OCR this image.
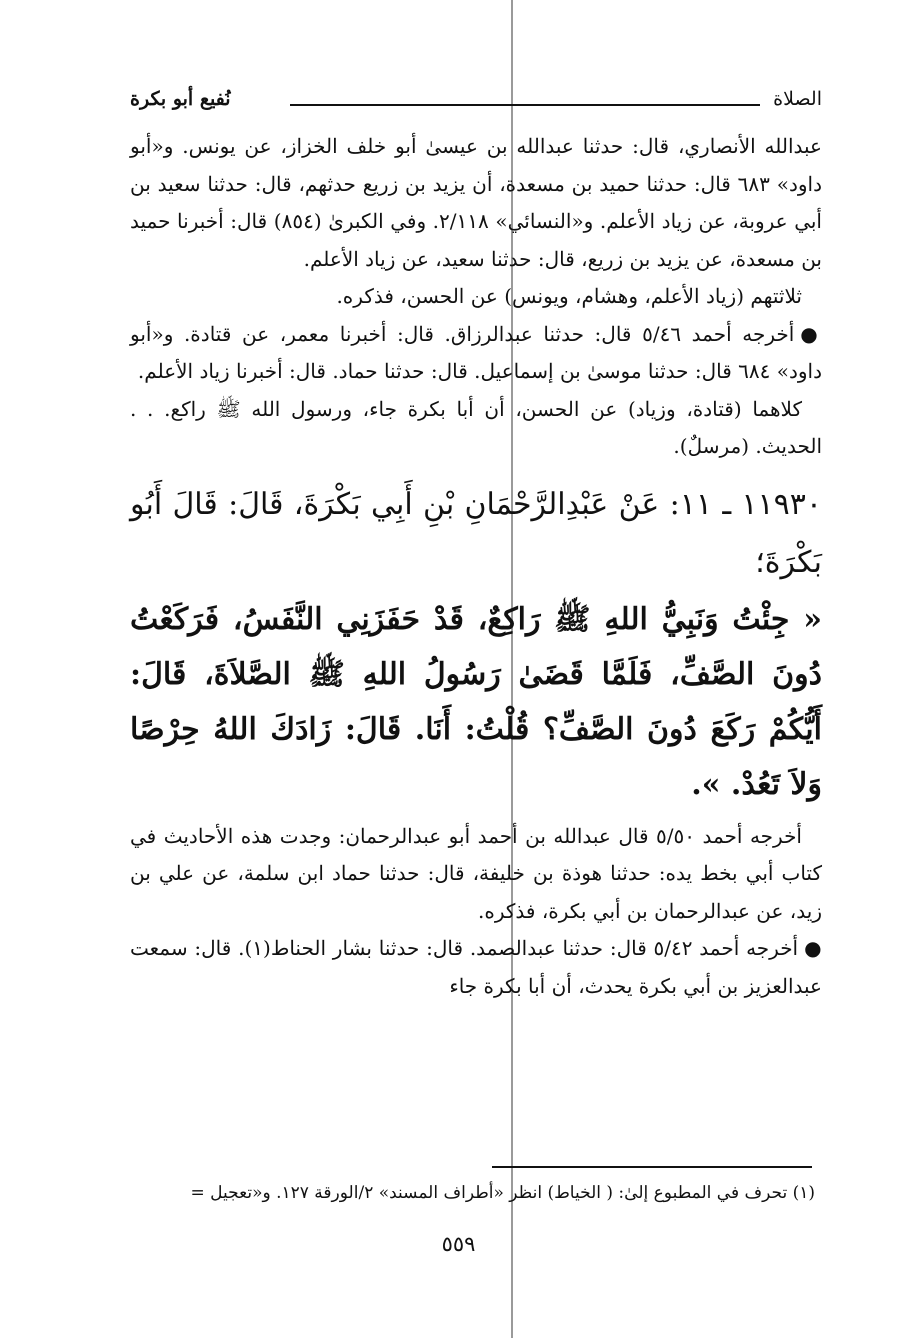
الصلاة
نُفيع أبو بكرة

عبدالله الأنصاري، قال: حدثنا عبدالله بن عيسىٰ أبو خلف الخزاز، عن يونس. و«أبو داود» ٦٨٣ قال: حدثنا حميد بن مسعدة، أن يزيد بن زريع حدثهم، قال: حدثنا سعيد بن أبي عروبة، عن زياد الأعلم. و«النسائي» ٢/١١٨. وفي الكبرىٰ (٨٥٤) قال: أخبرنا حميد بن مسعدة، عن يزيد بن زريع، قال: حدثنا سعيد، عن زياد الأعلم.

ثلاثتهم (زياد الأعلم، وهشام، ويونس) عن الحسن، فذكره.

● أخرجه أحمد ٥/٤٦ قال: حدثنا عبدالرزاق. قال: أخبرنا معمر، عن قتادة. و«أبو داود» ٦٨٤ قال: حدثنا موسىٰ بن إسماعيل. قال: حدثنا حماد. قال: أخبرنا زياد الأعلم.

كلاهما (قتادة، وزياد) عن الحسن، أن أبا بكرة جاء، ورسول الله ﷺ راكع. . . الحديث. (مرسلٌ).

١١٩٣٠ ـ ١١: عَنْ عَبْدِالرَّحْمَانِ بْنِ أَبِي بَكْرَةَ، قَالَ: قَالَ أَبُو بَكْرَةَ؛

« جِئْتُ وَنَبِيُّ اللهِ ﷺ رَاكِعٌ، قَدْ حَفَزَنِي النَّفَسُ، فَرَكَعْتُ دُونَ الصَّفِّ، فَلَمَّا قَضَىٰ رَسُولُ اللهِ ﷺ الصَّلاَةَ، قَالَ: أَيُّكُمْ رَكَعَ دُونَ الصَّفِّ؟ قُلْتُ: أَنَا. قَالَ: زَادَكَ اللهُ حِرْصًا وَلاَ تَعُدْ. ».

أخرجه أحمد ٥/٥٠ قال عبدالله بن أحمد أبو عبدالرحمان: وجدت هذه الأحاديث في كتاب أبي بخط يده: حدثنا هوذة بن خليفة، قال: حدثنا حماد ابن سلمة، عن علي بن زيد، عن عبدالرحمان بن أبي بكرة، فذكره.

● أخرجه أحمد ٥/٤٢ قال: حدثنا عبدالصمد. قال: حدثنا بشار الحناط(١). قال: سمعت عبدالعزيز بن أبي بكرة يحدث، أن أبا بكرة جاء

(١) تحرف في المطبوع إلىٰ: ( الخياط) انظر «أطراف المسند» ٢/الورقة ١٢٧. و«تعجيل =
٥٥٩
